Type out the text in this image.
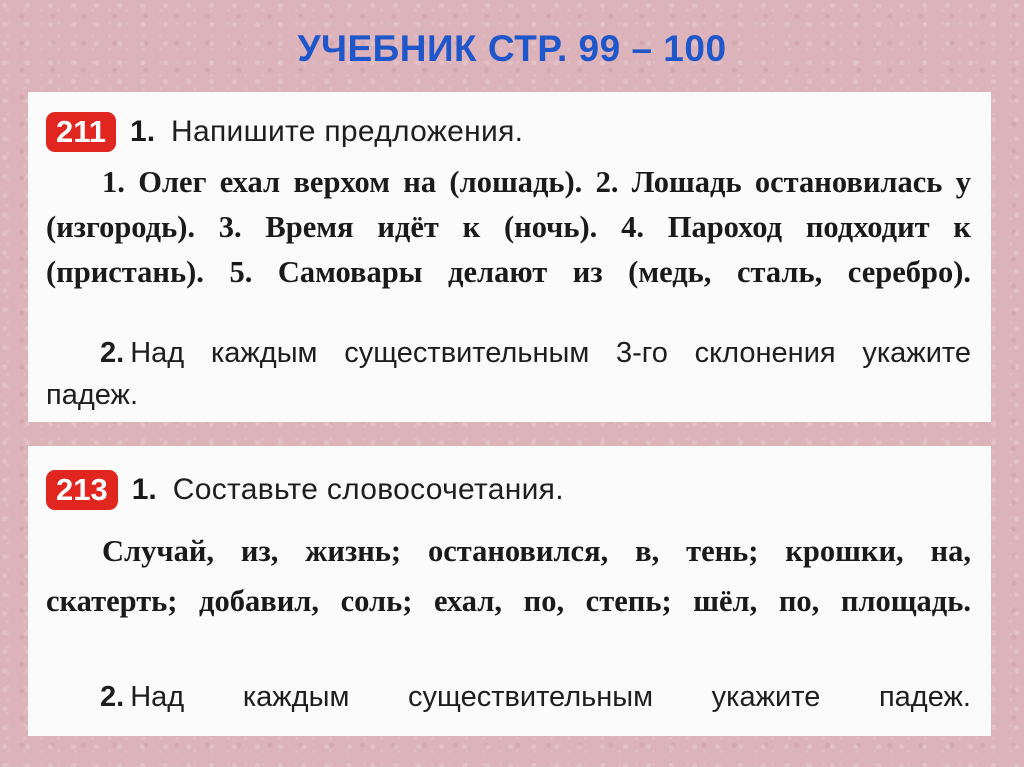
УЧЕБНИК СТР. 99 – 100
211 1. Напишите предложения.
1. Олег ехал верхом на (лошадь). 2. Лошадь остановилась у (изгородь). 3. Время идёт к (ночь). 4. Пароход подходит к (пристань). 5. Самовары делают из (медь, сталь, серебро).
2. Над каждым существительным 3-го склонения укажите падеж.
213 1. Составьте словосочетания.
Случай, из, жизнь; остановился, в, тень; крошки, на, скатерть; добавил, соль; ехал, по, степь; шёл, по, площадь.
2. Над каждым существительным укажите падеж.
